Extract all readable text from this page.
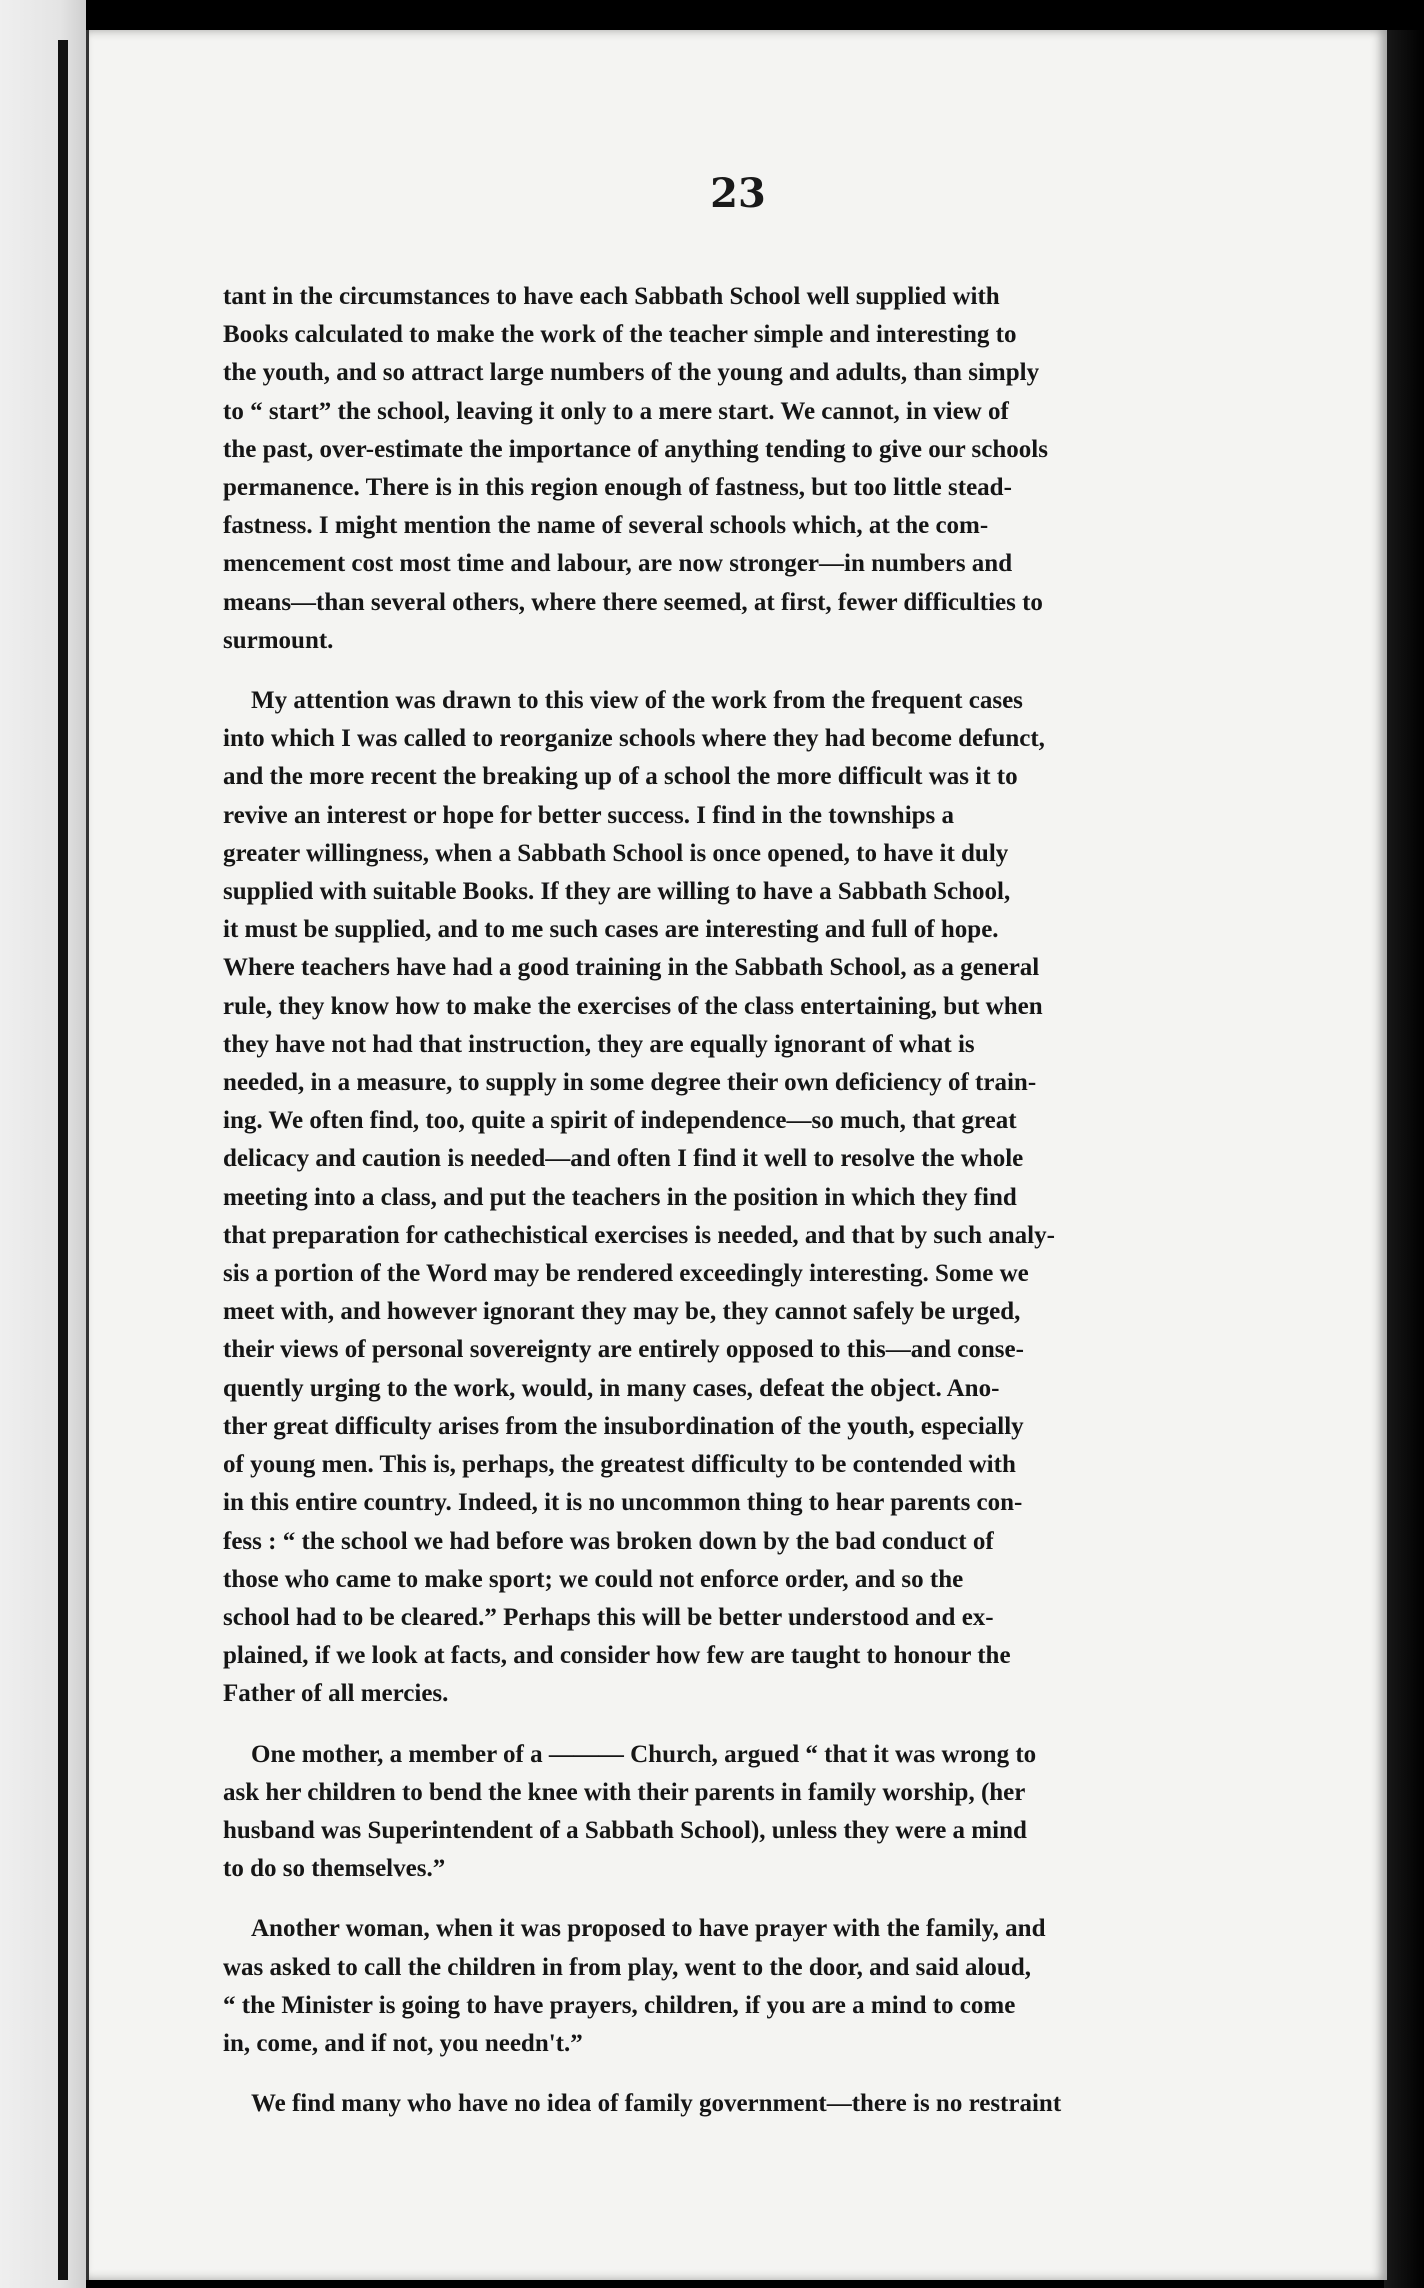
23

tant in the circumstances to have each Sabbath School well supplied with
Books calculated to make the work of the teacher simple and interesting to
the youth, and so attract large numbers of the young and adults, than simply
to “ start” the school, leaving it only to a mere start. We cannot, in view of
the past, over-estimate the importance of anything tending to give our schools
permanence. There is in this region enough of fastness, but too little stead-
fastness. I might mention the name of several schools which, at the com-
mencement cost most time and labour, are now stronger—in numbers and
means—than several others, where there seemed, at first, fewer difficulties to
surmount.

My attention was drawn to this view of the work from the frequent cases
into which I was called to reorganize schools where they had become defunct,
and the more recent the breaking up of a school the more difficult was it to
revive an interest or hope for better success. I find in the townships a
greater willingness, when a Sabbath School is once opened, to have it duly
supplied with suitable Books. If they are willing to have a Sabbath School,
it must be supplied, and to me such cases are interesting and full of hope.
Where teachers have had a good training in the Sabbath School, as a general
rule, they know how to make the exercises of the class entertaining, but when
they have not had that instruction, they are equally ignorant of what is
needed, in a measure, to supply in some degree their own deficiency of train-
ing. We often find, too, quite a spirit of independence—so much, that great
delicacy and caution is needed—and often I find it well to resolve the whole
meeting into a class, and put the teachers in the position in which they find
that preparation for cathechistical exercises is needed, and that by such analy-
sis a portion of the Word may be rendered exceedingly interesting. Some we
meet with, and however ignorant they may be, they cannot safely be urged,
their views of personal sovereignty are entirely opposed to this—and conse-
quently urging to the work, would, in many cases, defeat the object. Ano-
ther great difficulty arises from the insubordination of the youth, especially
of young men. This is, perhaps, the greatest difficulty to be contended with
in this entire country. Indeed, it is no uncommon thing to hear parents con-
fess : “ the school we had before was broken down by the bad conduct of
those who came to make sport; we could not enforce order, and so the
school had to be cleared.” Perhaps this will be better understood and ex-
plained, if we look at facts, and consider how few are taught to honour the
Father of all mercies.

One mother, a member of a ——— Church, argued “ that it was wrong to
ask her children to bend the knee with their parents in family worship, (her
husband was Superintendent of a Sabbath School), unless they were a mind
to do so themselves.”

Another woman, when it was proposed to have prayer with the family, and
was asked to call the children in from play, went to the door, and said aloud,
“ the Minister is going to have prayers, children, if you are a mind to come
in, come, and if not, you needn't.”

We find many who have no idea of family government—there is no restraint
